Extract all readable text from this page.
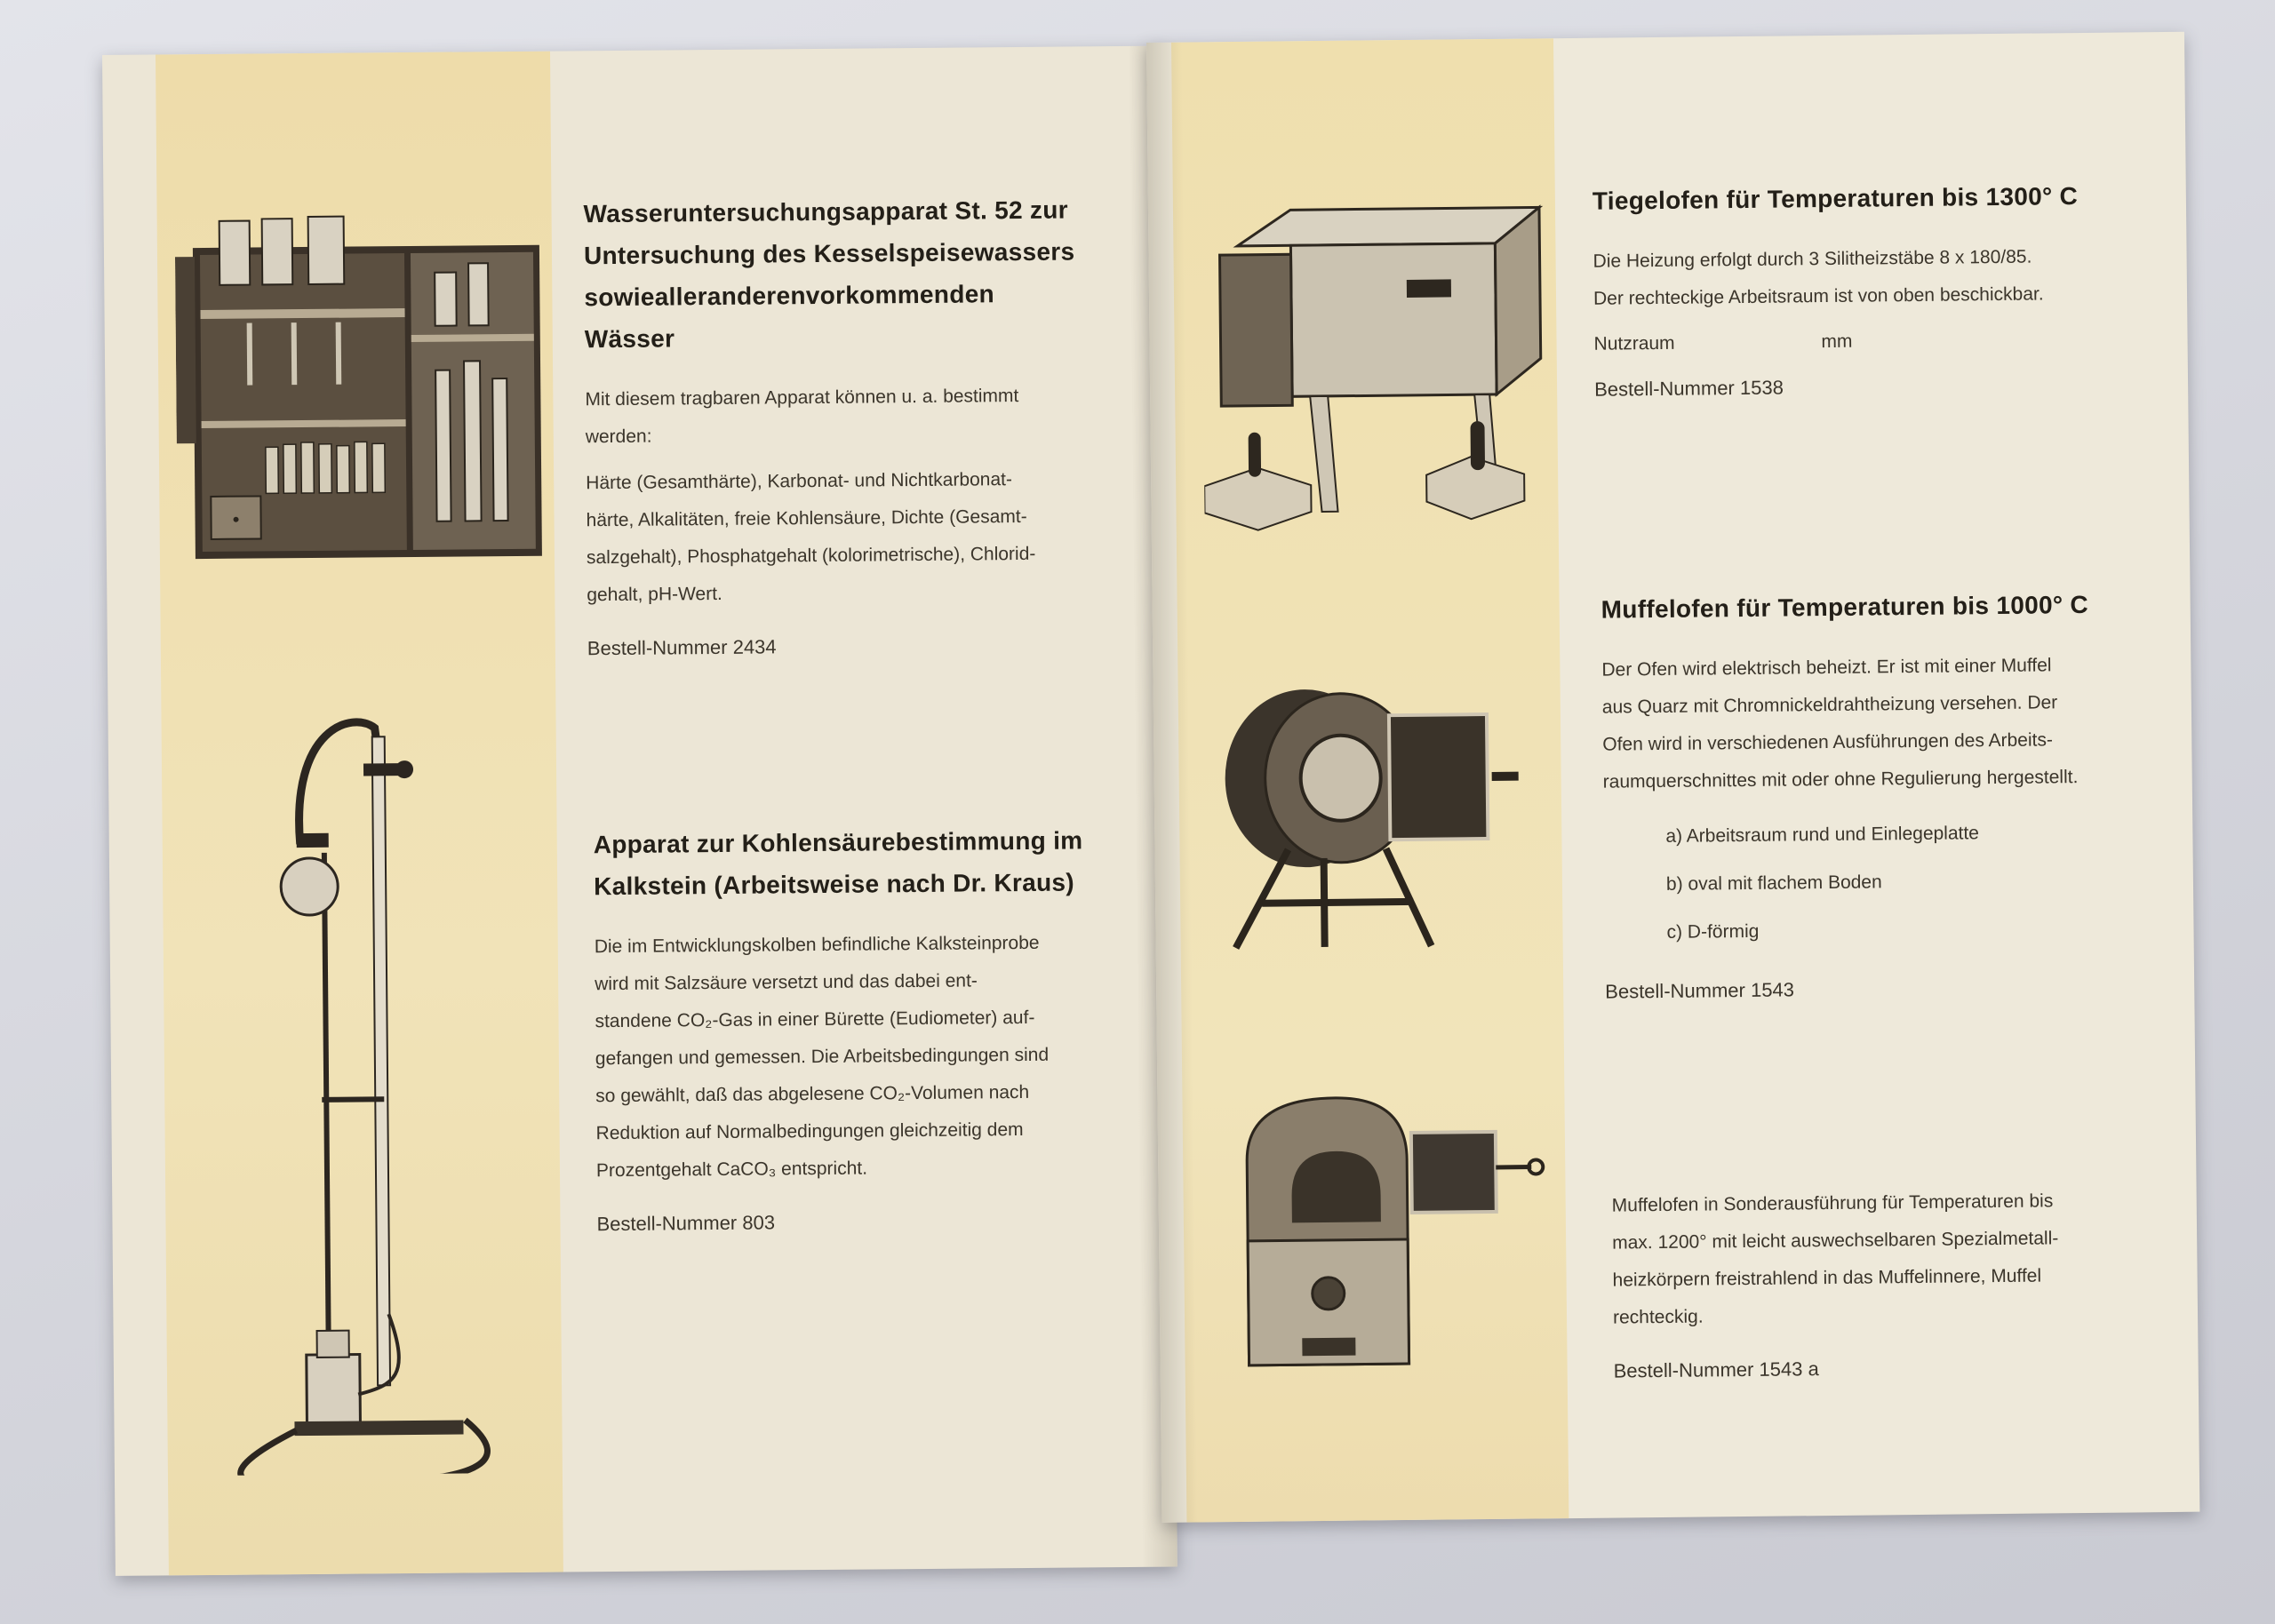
Wasseruntersuchungsapparat St. 52 zur
Untersuchung des Kesselspeisewassers
sowiealleranderenvorkommenden
Wässer
Mit diesem tragbaren Apparat können u. a. bestimmt
werden:
Härte (Gesamthärte), Karbonat- und Nichtkarbonat-
härte, Alkalitäten, freie Kohlensäure, Dichte (Gesamt-
salzgehalt), Phosphatgehalt (kolorimetrische), Chlorid-
gehalt, pH-Wert.
Bestell-Nummer 2434
Apparat zur Kohlensäurebestimmung im
Kalkstein (Arbeitsweise nach Dr. Kraus)
Die im Entwicklungskolben befindliche Kalksteinprobe
wird mit Salzsäure versetzt und das dabei ent-
standene CO₂-Gas in einer Bürette (Eudiometer) auf-
gefangen und gemessen. Die Arbeitsbedingungen sind
so gewählt, daß das abgelesene CO₂-Volumen nach
Reduktion auf Normalbedingungen gleichzeitig dem
Prozentgehalt CaCO₃ entspricht.
Bestell-Nummer 803
Tiegelofen für Temperaturen bis 1300° C
Die Heizung erfolgt durch 3 Silitheizstäbe 8 x 180/85.
Der rechteckige Arbeitsraum ist von oben beschickbar.
Nutzraum	mm
Bestell-Nummer 1538
Muffelofen für Temperaturen bis 1000° C
Der Ofen wird elektrisch beheizt. Er ist mit einer Muffel
aus Quarz mit Chromnickeldrahtheizung versehen. Der
Ofen wird in verschiedenen Ausführungen des Arbeits-
raumquerschnittes mit oder ohne Regulierung hergestellt.
a) Arbeitsraum rund und Einlegeplatte
b) oval mit flachem Boden
c) D-förmig
Bestell-Nummer 1543
Muffelofen in Sonderausführung für Temperaturen bis
max. 1200° mit leicht auswechselbaren Spezialmetall-
heizkörpern freistrahlend in das Muffelinnere, Muffel
rechteckig.
Bestell-Nummer 1543 a
